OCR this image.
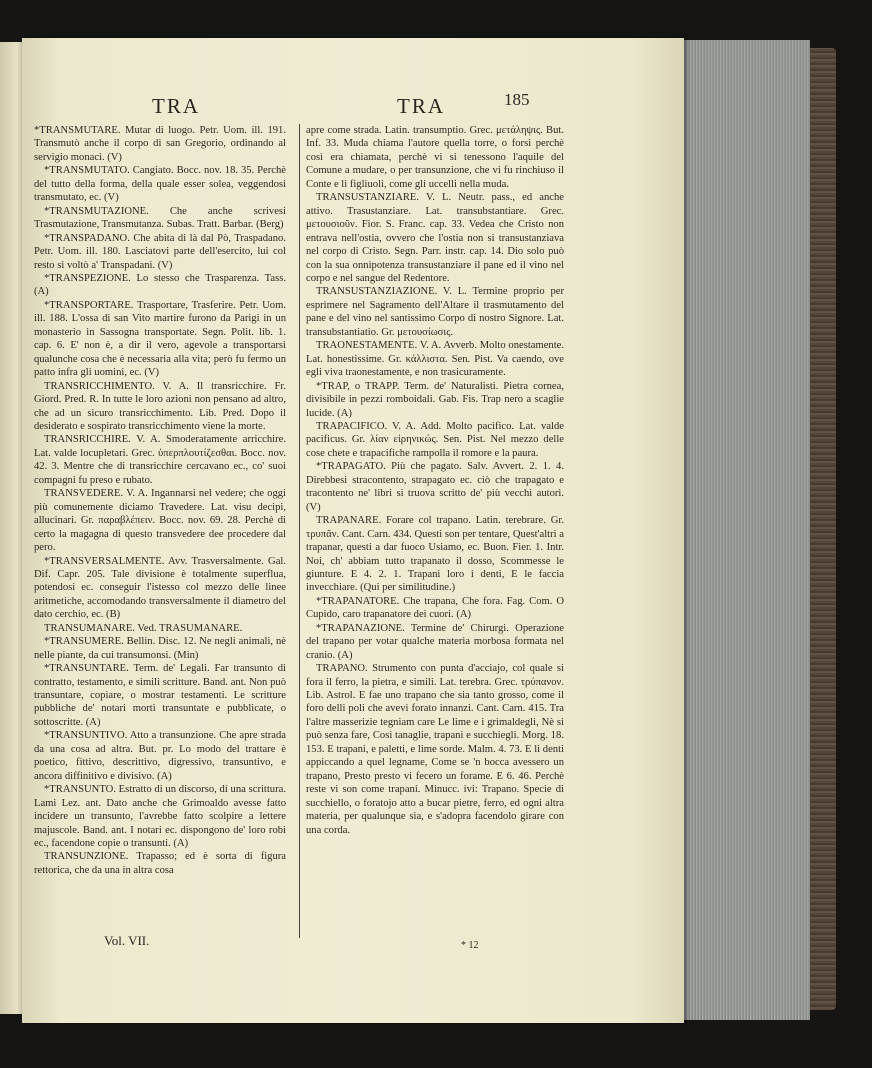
TRA	TRA	185

*TRANSMUTARE. Mutar di luogo. Petr. Uom. ill. 191. Transmutò anche il corpo di san Gregorio, ordinando al servigio monaci. (V)

*TRANSMUTATO. Cangiato. Bocc. nov. 18. 35. Perchè del tutto della forma, della quale esser solea, veggendosi transmutato, ec. (V)

*TRANSMUTAZIONE. Che anche scrivesi Trasmutazione, Transmutanza. Subas. Tratt. Barbar. (Berg)

*TRANSPADANO. Che abita di là dal Pò, Traspadano. Petr. Uom. ill. 180. Lasciatovi parte dell'esercito, lui col resto si voltò a' Transpadani. (V)

*TRANSPEZIONE. Lo stesso che Trasparenza. Tass. (A)

*TRANSPORTARE. Trasportare, Trasferire. Petr. Uom. ill. 188. L'ossa di san Vito martire furono da Parigi in un monasterio in Sassogna transportate. Segn. Polit. lib. 1. cap. 6. E' non è, a dir il vero, agevole a transportarsi qualunche cosa che è necessaria alla vita; però fu fermo un patto infra gli uomini, ec. (V)

TRANSRICCHIMENTO. V. A. Il transricchire. Fr. Giord. Pred. R. In tutte le loro azioni non pensano ad altro, che ad un sicuro transricchimento. Lib. Pred. Dopo il desiderato e sospirato transricchimento viene la morte.

TRANSRICCHIRE. V. A. Smoderatamente arricchire. Lat. valde locupletari. Grec. ὑπερπλουτίζεσθαι. Bocc. nov. 42. 3. Mentre che di transricchire cercavano ec., co' suoi compagni fu preso e rubato.

TRANSVEDERE. V. A. Ingannarsi nel vedere; che oggi più comunemente diciamo Travedere. Lat. visu decipi, allucinari. Gr. παραβλέπειν. Bocc. nov. 69. 28. Perchè di certo la magagna di questo transvedere dee procedere dal pero.

*TRANSVERSALMENTE. Avv. Trasversalmente. Gal. Dif. Capr. 205. Tale divisione è totalmente superflua, potendosi ec. conseguir l'istesso col mezzo delle linee aritmetiche, accomodando transversalmente il diametro del dato cerchio, ec. (B)

TRANSUMANARE. Ved. TRASUMANARE.

*TRANSUMERE. Bellin. Disc. 12. Ne negli animali, nè nelle piante, da cui transumonsi. (Min)

*TRANSUNTARE. Term. de' Legali. Far transunto di contratto, testamento, e simili scritture. Band. ant. Non può transuntare, copiare, o mostrar testamenti. Le scritture pubbliche de' notari mortì transuntate e pubblicate, o sottoscritte. (A)

*TRANSUNTIVO. Atto a transunzione. Che apre strada da una cosa ad altra. But. pr. Lo modo del trattare è poetico, fittivo, descrittivo, digressivo, transuntivo, e ancora diffinitivo e divisivo. (A)

*TRANSUNTO. Estratto di un discorso, di una scrittura. Lami Lez. ant. Dato anche che Grimoaldo avesse fatto incidere un transunto, l'avrebbe fatto scolpire a lettere majuscole. Band. ant. I notari ec. dispongono de' loro robi ec., facendone copie o transunti. (A)

TRANSUNZIONE. Trapasso; ed è sorta di figura rettorica, che da una in altra cosa

apre come strada. Latin. transumptio. Grec. μετάληψις. But. Inf. 33. Muda chiama l'autore quella torre, o forsi perchè così era chiamata, perchè vi si tenessono l'aquile del Comune a mudare, o per transunzione, che vi fu rinchiuso il Conte e li figliuoli, come gli uccelli nella muda.

TRANSUSTANZIARE. V. L. Neutr. pass., ed anche attivo. Trasustanziare. Lat. transubstantiare. Grec. μετουσιοῦν. Fior. S. Franc. cap. 33. Vedea che Cristo non entrava nell'ostia, ovvero che l'ostia non si transustanziava nel corpo di Cristo. Segn. Parr. instr. cap. 14. Dio solo può con la sua onnipotenza transustanziare il pane ed il vino nel corpo e nel sangue del Redentore.

TRANSUSTANZIAZIONE. V. L. Termine proprio per esprimere nel Sagramento dell'Altare il trasmutamento del pane e del vino nel santissimo Corpo di nostro Signore. Lat. transubstantiatio. Gr. μετουσίωσις.

TRAONESTAMENTE. V. A. Avverb. Molto onestamente. Lat. honestissime. Gr. κάλλιστα. Sen. Pist. Va caendo, ove egli viva traonestamente, e non trasicuramente.

*TRAP, o TRAPP. Term. de' Naturalisti. Pietra cornea, divisibile in pezzi romboidali. Gab. Fis. Trap nero a scaglie lucide. (A)

TRAPACIFICO. V. A. Add. Molto pacifico. Lat. valde pacificus. Gr. λίαν εἰρηνικώς. Sen. Pist. Nel mezzo delle cose chete e trapacifiche rampolla il romore e la paura.

*TRAPAGATO. Più che pagato. Salv. Avvert. 2. 1. 4. Direbbesi stracontento, strapagato ec. ciò che trapagato e tracontento ne' libri si truova scritto de' più vecchi autori. (V)

TRAPANARE. Forare col trapano. Latin. terebrare. Gr. τρυπᾶν. Cant. Carn. 434. Questi son per tentare, Quest'altri a trapanar, questi a dar fuoco Usiamo, ec. Buon. Fier. 1. Intr. Noi, ch' abbiam tutto trapanato il dosso, Scommesse le giunture. E 4. 2. 1. Trapani loro i denti, E le faccia invecchiare. (Qui per similitudine.)

*TRAPANATORE. Che trapana, Che fora. Fag. Com. O Cupido, caro trapanatore dei cuori. (A)

*TRAPANAZIONE. Termine de' Chirurgi. Operazione del trapano per votar qualche materia morbosa formata nel cranio. (A)

TRAPANO. Strumento con punta d'acciajo, col quale si fora il ferro, la pietra, e simili. Lat. terebra. Grec. τρύπανον. Lib. Astrol. E fae uno trapano che sia tanto grosso, come il foro delli poli che avevi forato innanzi. Cant. Carn. 415. Tra l'altre masserizie tegniam care Le lime e i grimaldegli, Nè si può senza fare, Così tanaglie, trapani e succhiegli. Morg. 18. 153. E trapani, e paletti, e lime sorde. Malm. 4. 73. E li denti appiccando a quel legname, Come se 'n bocca avessero un trapano, Presto presto vi fecero un forame. E 6. 46. Perchè reste vi son come trapani. Minucc. ivi: Trapano. Specie di succhiello, o foratojo atto a bucar pietre, ferro, ed ogni altra materia, per qualunque sia, e s'adopra facendolo girare con una corda.

Vol. VII.	* 12
